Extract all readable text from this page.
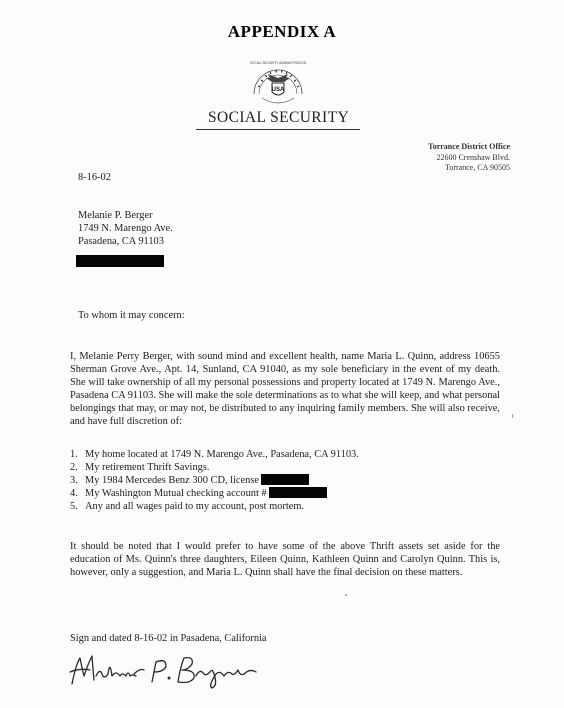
APPENDIX A
USA
SOCIAL SECURITY ADMINISTRATION
SOCIAL SECURITY
Torrance District Office
22600 Crenshaw Blvd.
Torrance, CA 90505
8-16-02
Melanie P. Berger
1749 N. Marengo Ave.
Pasadena, CA 91103
To whom it may concern:
I, Melanie Perry Berger, with sound mind and excellent health, name Maria L. Quinn, address 10655 Sherman Grove Ave., Apt. 14, Sunland, CA 91040, as my sole beneficiary in the event of my death. She will take ownership of all my personal possessions and property located at 1749 N. Marengo Ave., Pasadena CA 91103. She will make the sole determinations as to what she will keep, and what personal belongings that may, or may not, be distributed to any inquiring family members. She will also receive, and have full discretion of:
1. My home located at 1749 N. Marengo Ave., Pasadena, CA 91103.
2. My retirement Thrift Savings.
3. My 1984 Mercedes Benz 300 CD, license
4. My Washington Mutual checking account #
5. Any and all wages paid to my account, post mortem.
It should be noted that I would prefer to have some of the above Thrift assets set aside for the education of Ms. Quinn's three daughters, Eileen Quinn, Kathleen Quinn and Carolyn Quinn. This is, however, only a suggestion, and Maria L. Quinn shall have the final decision on these matters.
Sign and dated 8-16-02 in Pasadena, California
